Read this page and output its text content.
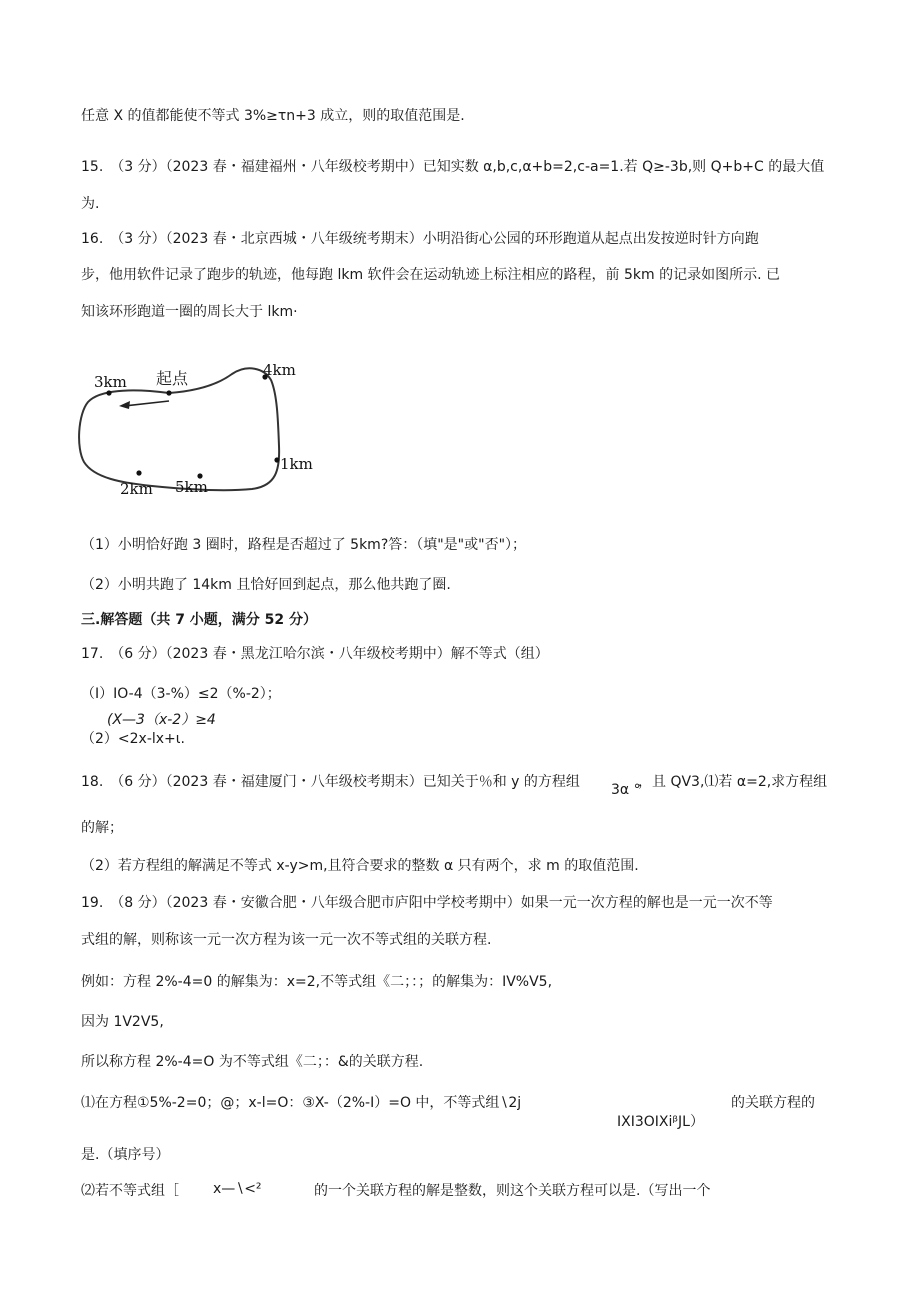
任意 X 的值都能使不等式 3%≥τn+3 成立，则的取值范围是.
15.　（3 分）（2023 春・福建福州・八年级校考期中）已知实数 α,b,c,α+b=2,c-a=1.若 Q≥-3b,则 Q+b+C 的最大值
为.
16.　（3 分）（2023 春・北京西城・八年级统考期末）小明沿街心公园的环形跑道从起点出发按逆时针方向跑
步，他用软件记录了跑步的轨迹，他每跑 lkm 软件会在运动轨迹上标注相应的路程，前 5km 的记录如图所示. 已
知该环形跑道一圈的周长大于 lkm·
起点
3km
4km
1km
2km 5km
（1）小明恰好跑 3 圈时，路程是否超过了 5km?答：（填"是"或"否"）；
（2）小明共跑了 14km 且恰好回到起点，那么他共跑了圈.
三.解答题（共 7 小题，满分 52 分）
17.　（6 分）（2023 春・黑龙江哈尔滨・八年级校考期中）解不等式（组）
（I）IO-4（3-%）≤2（%-2）；
(X—3（x-2）≥4
（2）<2x-lx+ι.
18.　（6 分）（2023 春・福建厦门・八年级校考期末）已知关于％和 y 的方程组 3α °
，且 QV3,⑴若 α=2,求方程组
的解；
（2）若方程组的解满足不等式 x-y>m,且符合要求的整数 α 只有两个，求 m 的取值范围.
19.　（8 分）（2023 春・安徽合肥・八年级合肥市庐阳中学校考期中）如果一元一次方程的解也是一元一次不等
式组的解，则称该一元一次方程为该一元一次不等式组的关联方程.
例如：方程 2%-4=0 的解集为：x=2,不等式组《二；：；的解集为：IV%V5,
因为 1V2V5,
所以称方程 2%-4=O 为不等式组《二；：&的关联方程.
⑴在方程①5%-2=0；@；x-l=O：③X-（2%-I）=O 中，不等式组∖2j	的关联方程的
IXI3OIXiᵝJL）
是.（填序号）
⑵若不等式组［ x—∖<²	的一个关联方程的解是整数，则这个关联方程可以是.（写出一个
